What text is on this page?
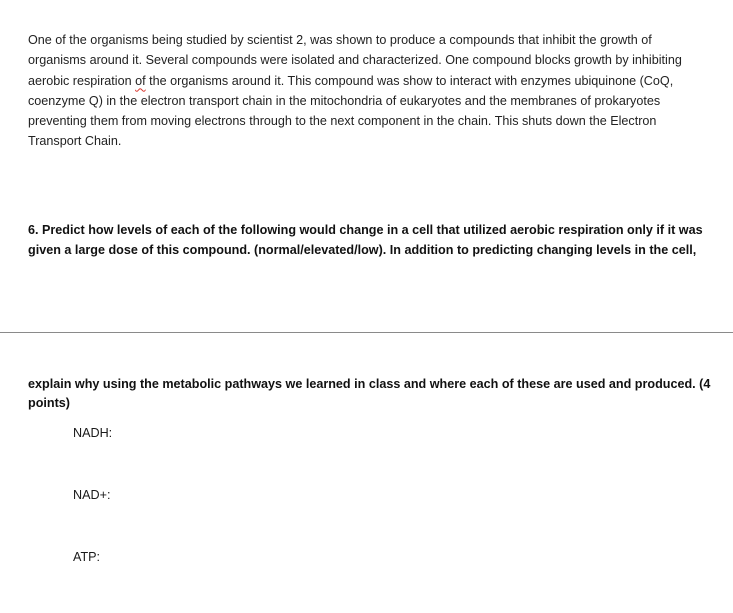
One of the organisms being studied by scientist 2, was shown to produce a compounds that inhibit the growth of
organisms around it. Several compounds were isolated and characterized. One compound blocks growth by inhibiting
aerobic respiration of the organisms around it. This compound was show to interact with enzymes ubiquinone (CoQ,
coenzyme Q) in the electron transport chain in the mitochondria of eukaryotes and the membranes of prokaryotes
preventing them from moving electrons through to the next component in the chain. This shuts down the Electron
Transport Chain.
6. Predict how levels of each of the following would change in a cell that utilized aerobic respiration only if it was
given a large dose of this compound. (normal/elevated/low). In addition to predicting changing levels in the cell,
explain why using the metabolic pathways we learned in class and where each of these are used and produced. (4
points)
NADH:
NAD+:
ATP:
